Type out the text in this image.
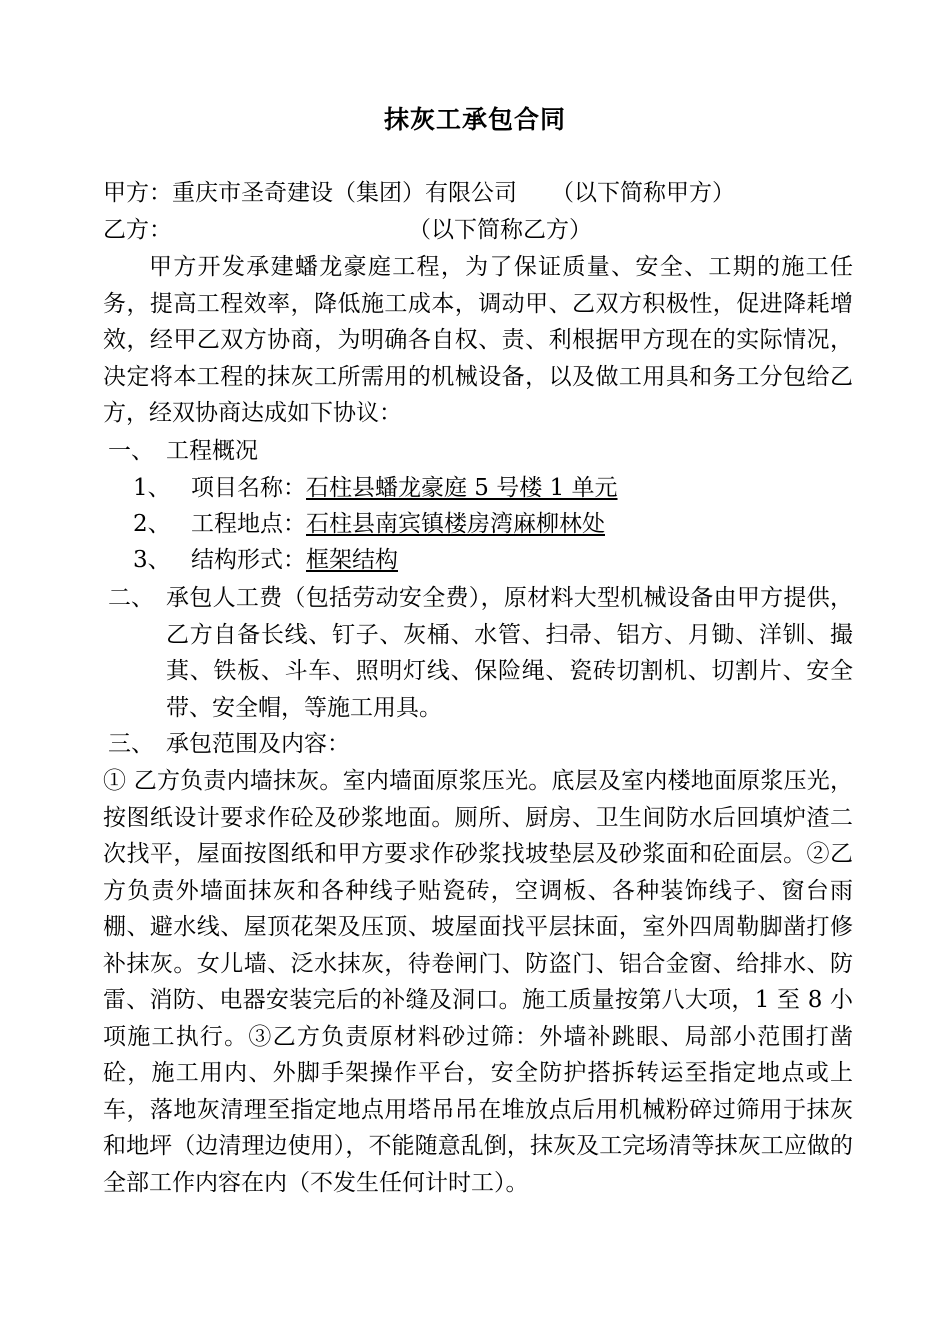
抹灰工承包合同
甲方：重庆市圣奇建设（集团）有限公司 （以下简称甲方）
乙方：	（以下简称乙方）
甲方开发承建蟠龙豪庭工程，为了保证质量、安全、工期的施工任务，提高工程效率，降低施工成本，调动甲、乙双方积极性，促进降耗增效，经甲乙双方协商，为明确各自权、责、利根据甲方现在的实际情况，决定将本工程的抹灰工所需用的机械设备，以及做工用具和务工分包给乙方，经双协商达成如下协议：
一、 工程概况
1、 项目名称：石柱县蟠龙豪庭 5 号楼 1 单元
2、 工程地点：石柱县南宾镇楼房湾麻柳林处
3、 结构形式：框架结构
二、 承包人工费（包括劳动安全费），原材料大型机械设备由甲方提供，乙方自备长线、钉子、灰桶、水管、扫帚、铝方、月锄、洋钏、撮萁、铁板、斗车、照明灯线、保险绳、瓷砖切割机、切割片、安全带、安全帽，等施工用具。
三、 承包范围及内容：
① 乙方负责内墙抹灰。室内墙面原浆压光。底层及室内楼地面原浆压光，按图纸设计要求作砼及砂浆地面。厕所、厨房、卫生间防水后回填炉渣二次找平，屋面按图纸和甲方要求作砂浆找坡垫层及砂浆面和砼面层。②乙方负责外墙面抹灰和各种线子贴瓷砖，空调板、各种装饰线子、窗台雨棚、避水线、屋顶花架及压顶、坡屋面找平层抹面，室外四周勒脚凿打修补抹灰。女儿墙、泛水抹灰，待卷闸门、防盗门、铝合金窗、给排水、防雷、消防、电器安装完后的补缝及洞口。施工质量按第八大项，1 至 8 小项施工执行。③乙方负责原材料砂过筛：外墙补跳眼、局部小范围打凿砼，施工用内、外脚手架操作平台，安全防护搭拆转运至指定地点或上车，落地灰清理至指定地点用塔吊吊在堆放点后用机械粉碎过筛用于抹灰和地坪（边清理边使用），不能随意乱倒，抹灰及工完场清等抹灰工应做的全部工作内容在内（不发生任何计时工）。
